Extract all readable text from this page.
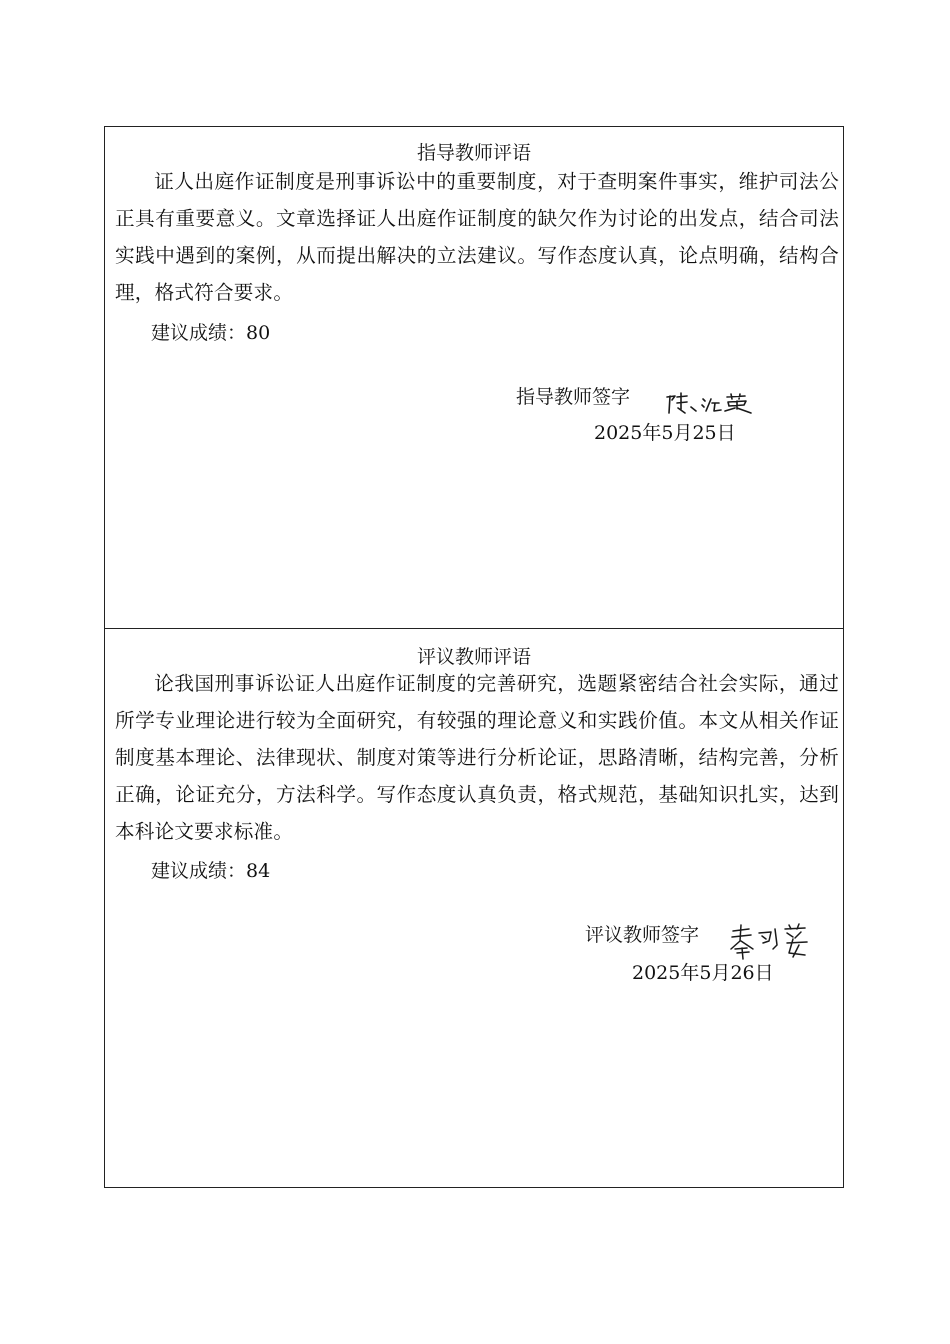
指导教师评语

证人出庭作证制度是刑事诉讼中的重要制度，对于查明案件事实，维护司法公正具有重要意义。文章选择证人出庭作证制度的缺欠作为讨论的出发点，结合司法实践中遇到的案例，从而提出解决的立法建议。写作态度认真，论点明确，结构合理，格式符合要求。

建议成绩：80
指导教师签字
2025年5月25日
评议教师评语

论我国刑事诉讼证人出庭作证制度的完善研究，选题紧密结合社会实际，通过所学专业理论进行较为全面研究，有较强的理论意义和实践价值。本文从相关作证制度基本理论、法律现状、制度对策等进行分析论证，思路清晰，结构完善，分析正确，论证充分，方法科学。写作态度认真负责，格式规范，基础知识扎实，达到本科论文要求标准。

建议成绩：84
评议教师签字
2025年5月26日
